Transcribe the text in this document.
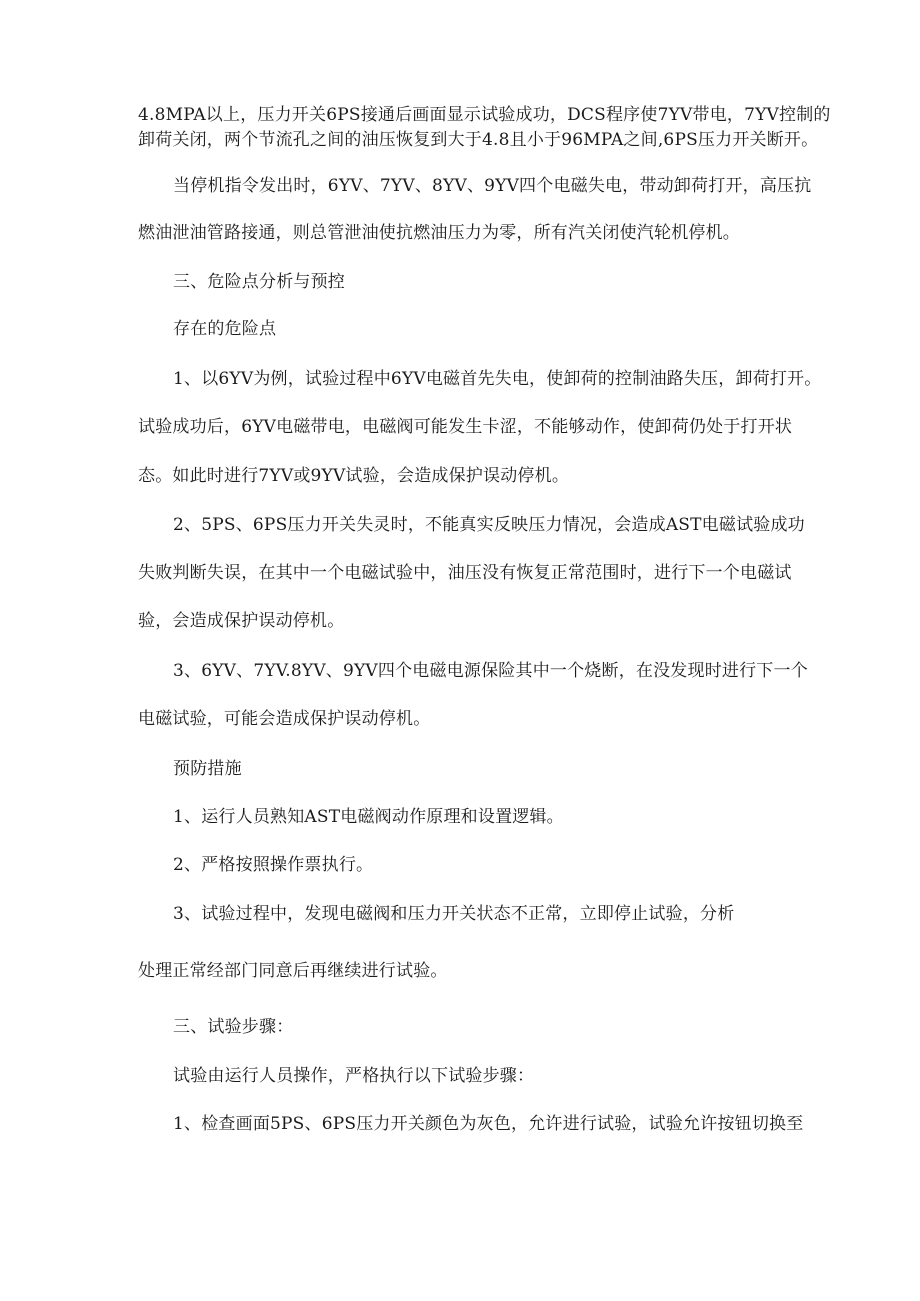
4.8MPA以上，压力开关6PS接通后画面显示试验成功，DCS程序使7YV带电，7YV控制的
卸荷关闭，两个节流孔之间的油压恢复到大于4.8且小于96MPA之间,6PS压力开关断开。
当停机指令发出时，6YV、7YV、8YV、9YV四个电磁失电，带动卸荷打开，高压抗
燃油泄油管路接通，则总管泄油使抗燃油压力为零，所有汽关闭使汽轮机停机。
三、危险点分析与预控
存在的危险点
1、以6YV为例，试验过程中6YV电磁首先失电，使卸荷的控制油路失压，卸荷打开。
试验成功后，6YV电磁带电，电磁阀可能发生卡涩，不能够动作，使卸荷仍处于打开状
态。如此时进行7YV或9YV试验，会造成保护误动停机。
2、5PS、6PS压力开关失灵时，不能真实反映压力情况，会造成AST电磁试验成功
失败判断失误，在其中一个电磁试验中，油压没有恢复正常范围时，进行下一个电磁试
验，会造成保护误动停机。
3、6YV、7YV.8YV、9YV四个电磁电源保险其中一个烧断，在没发现时进行下一个
电磁试验，可能会造成保护误动停机。
预防措施
1、运行人员熟知AST电磁阀动作原理和设置逻辑。
2、严格按照操作票执行。
3、试验过程中，发现电磁阀和压力开关状态不正常，立即停止试验，分析
处理正常经部门同意后再继续进行试验。
三、试验步骤：
试验由运行人员操作，严格执行以下试验步骤：
1、检查画面5PS、6PS压力开关颜色为灰色，允许进行试验，试验允许按钮切换至
